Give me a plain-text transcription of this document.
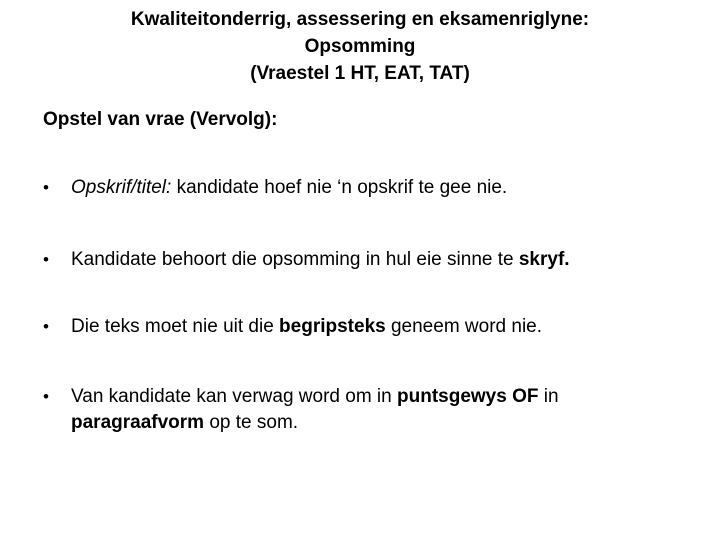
Kwaliteitonderrig, assessering en eksamenriglyne:
Opsomming
(Vraestel 1 HT, EAT, TAT)
Opstel van vrae (Vervolg):
•	Opskrif/titel: kandidate hoef nie ‘n opskrif te gee nie.
•	Kandidate behoort die opsomming in hul eie sinne te skryf.
•	Die teks moet nie uit die begripsteks geneem word nie.
•	Van kandidate kan verwag word om in puntsgewys OF in paragraafvorm op te som.
